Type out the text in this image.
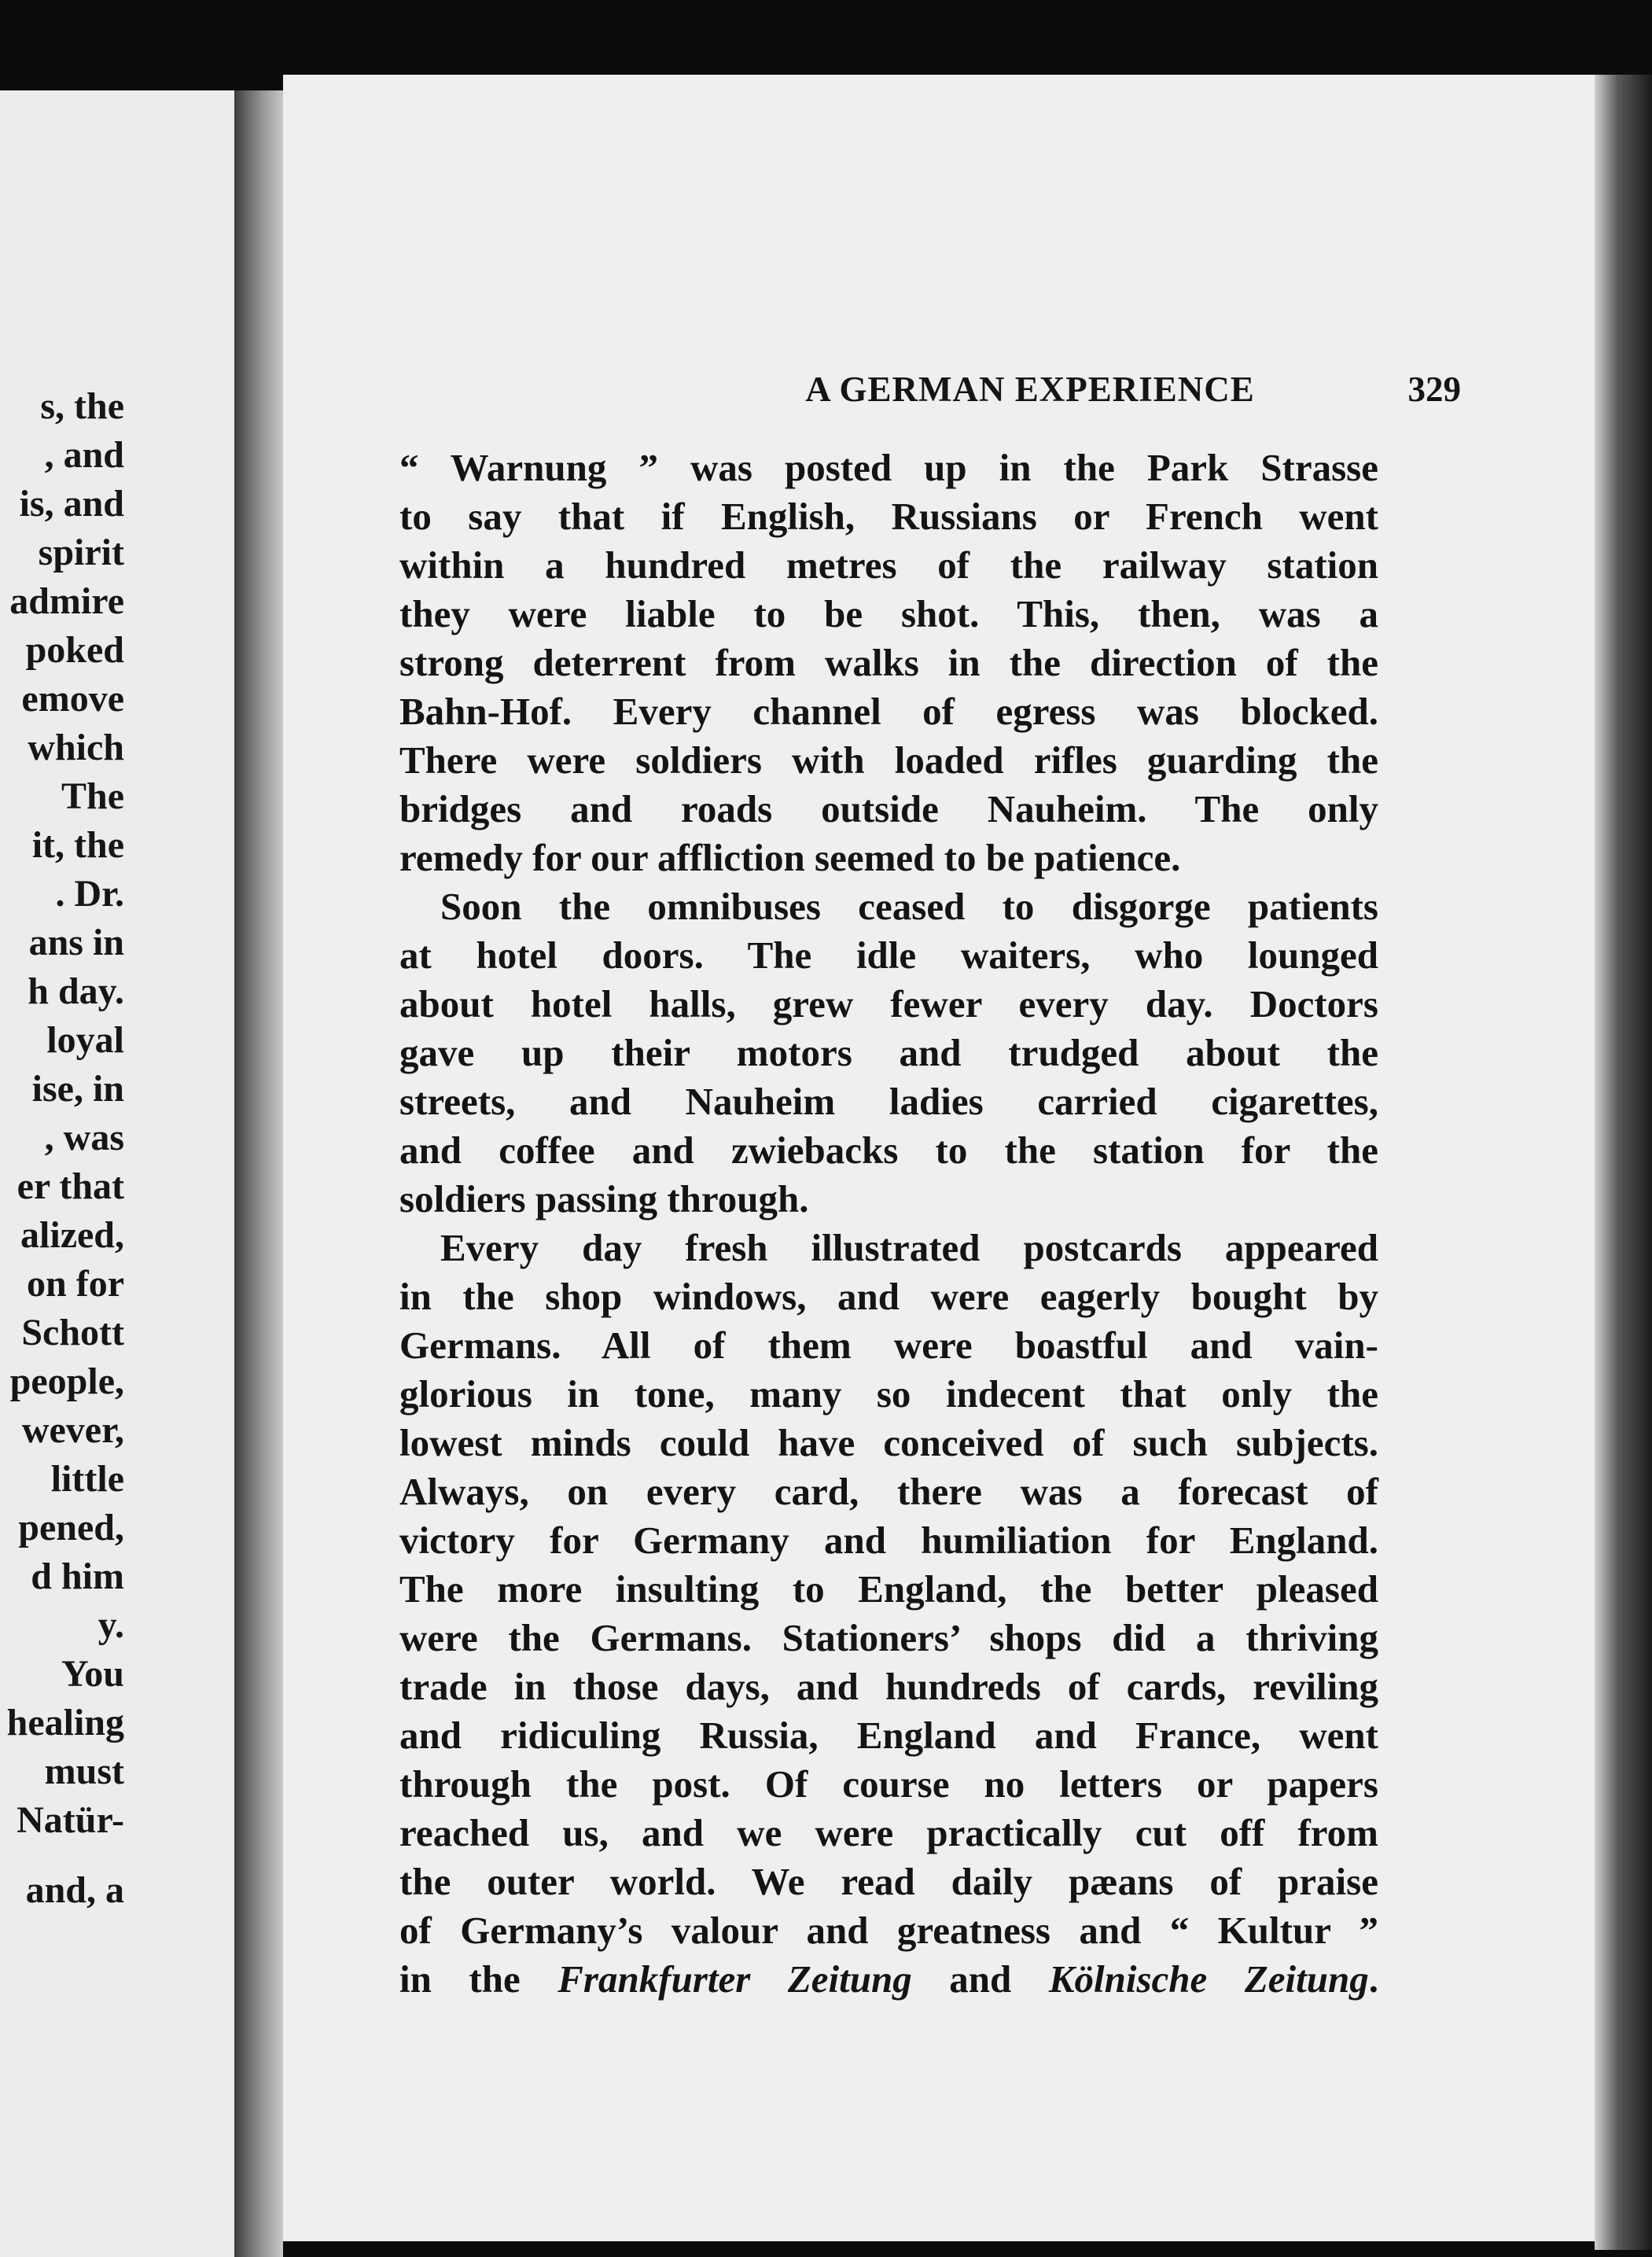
s, the
, and
is, and
spirit
admire
poked
emove
which
The
it, the
. Dr.
ans in
h day.
loyal
ise, in
, was
er that
alized,
on for
Schott
people,
wever,
little
pened,
d him
y.
You
healing
must
Natür-
and, a
A GERMAN EXPERIENCE	329
“ Warnung ” was posted up in the Park Strasse
to say that if English, Russians or French went
within a hundred metres of the railway station
they were liable to be shot. This, then, was a
strong deterrent from walks in the direction of the
Bahn-Hof. Every channel of egress was blocked.
There were soldiers with loaded rifles guarding the
bridges and roads outside Nauheim. The only
remedy for our affliction seemed to be patience.
Soon the omnibuses ceased to disgorge patients
at hotel doors. The idle waiters, who lounged
about hotel halls, grew fewer every day. Doctors
gave up their motors and trudged about the
streets, and Nauheim ladies carried cigarettes,
and coffee and zwiebacks to the station for the
soldiers passing through.
Every day fresh illustrated postcards appeared
in the shop windows, and were eagerly bought by
Germans. All of them were boastful and vain-
glorious in tone, many so indecent that only the
lowest minds could have conceived of such subjects.
Always, on every card, there was a forecast of
victory for Germany and humiliation for England.
The more insulting to England, the better pleased
were the Germans. Stationers’ shops did a thriving
trade in those days, and hundreds of cards, reviling
and ridiculing Russia, England and France, went
through the post. Of course no letters or papers
reached us, and we were practically cut off from
the outer world. We read daily pæans of praise
of Germany’s valour and greatness and “ Kultur ”
in the Frankfurter Zeitung and Kölnische Zeitung.
